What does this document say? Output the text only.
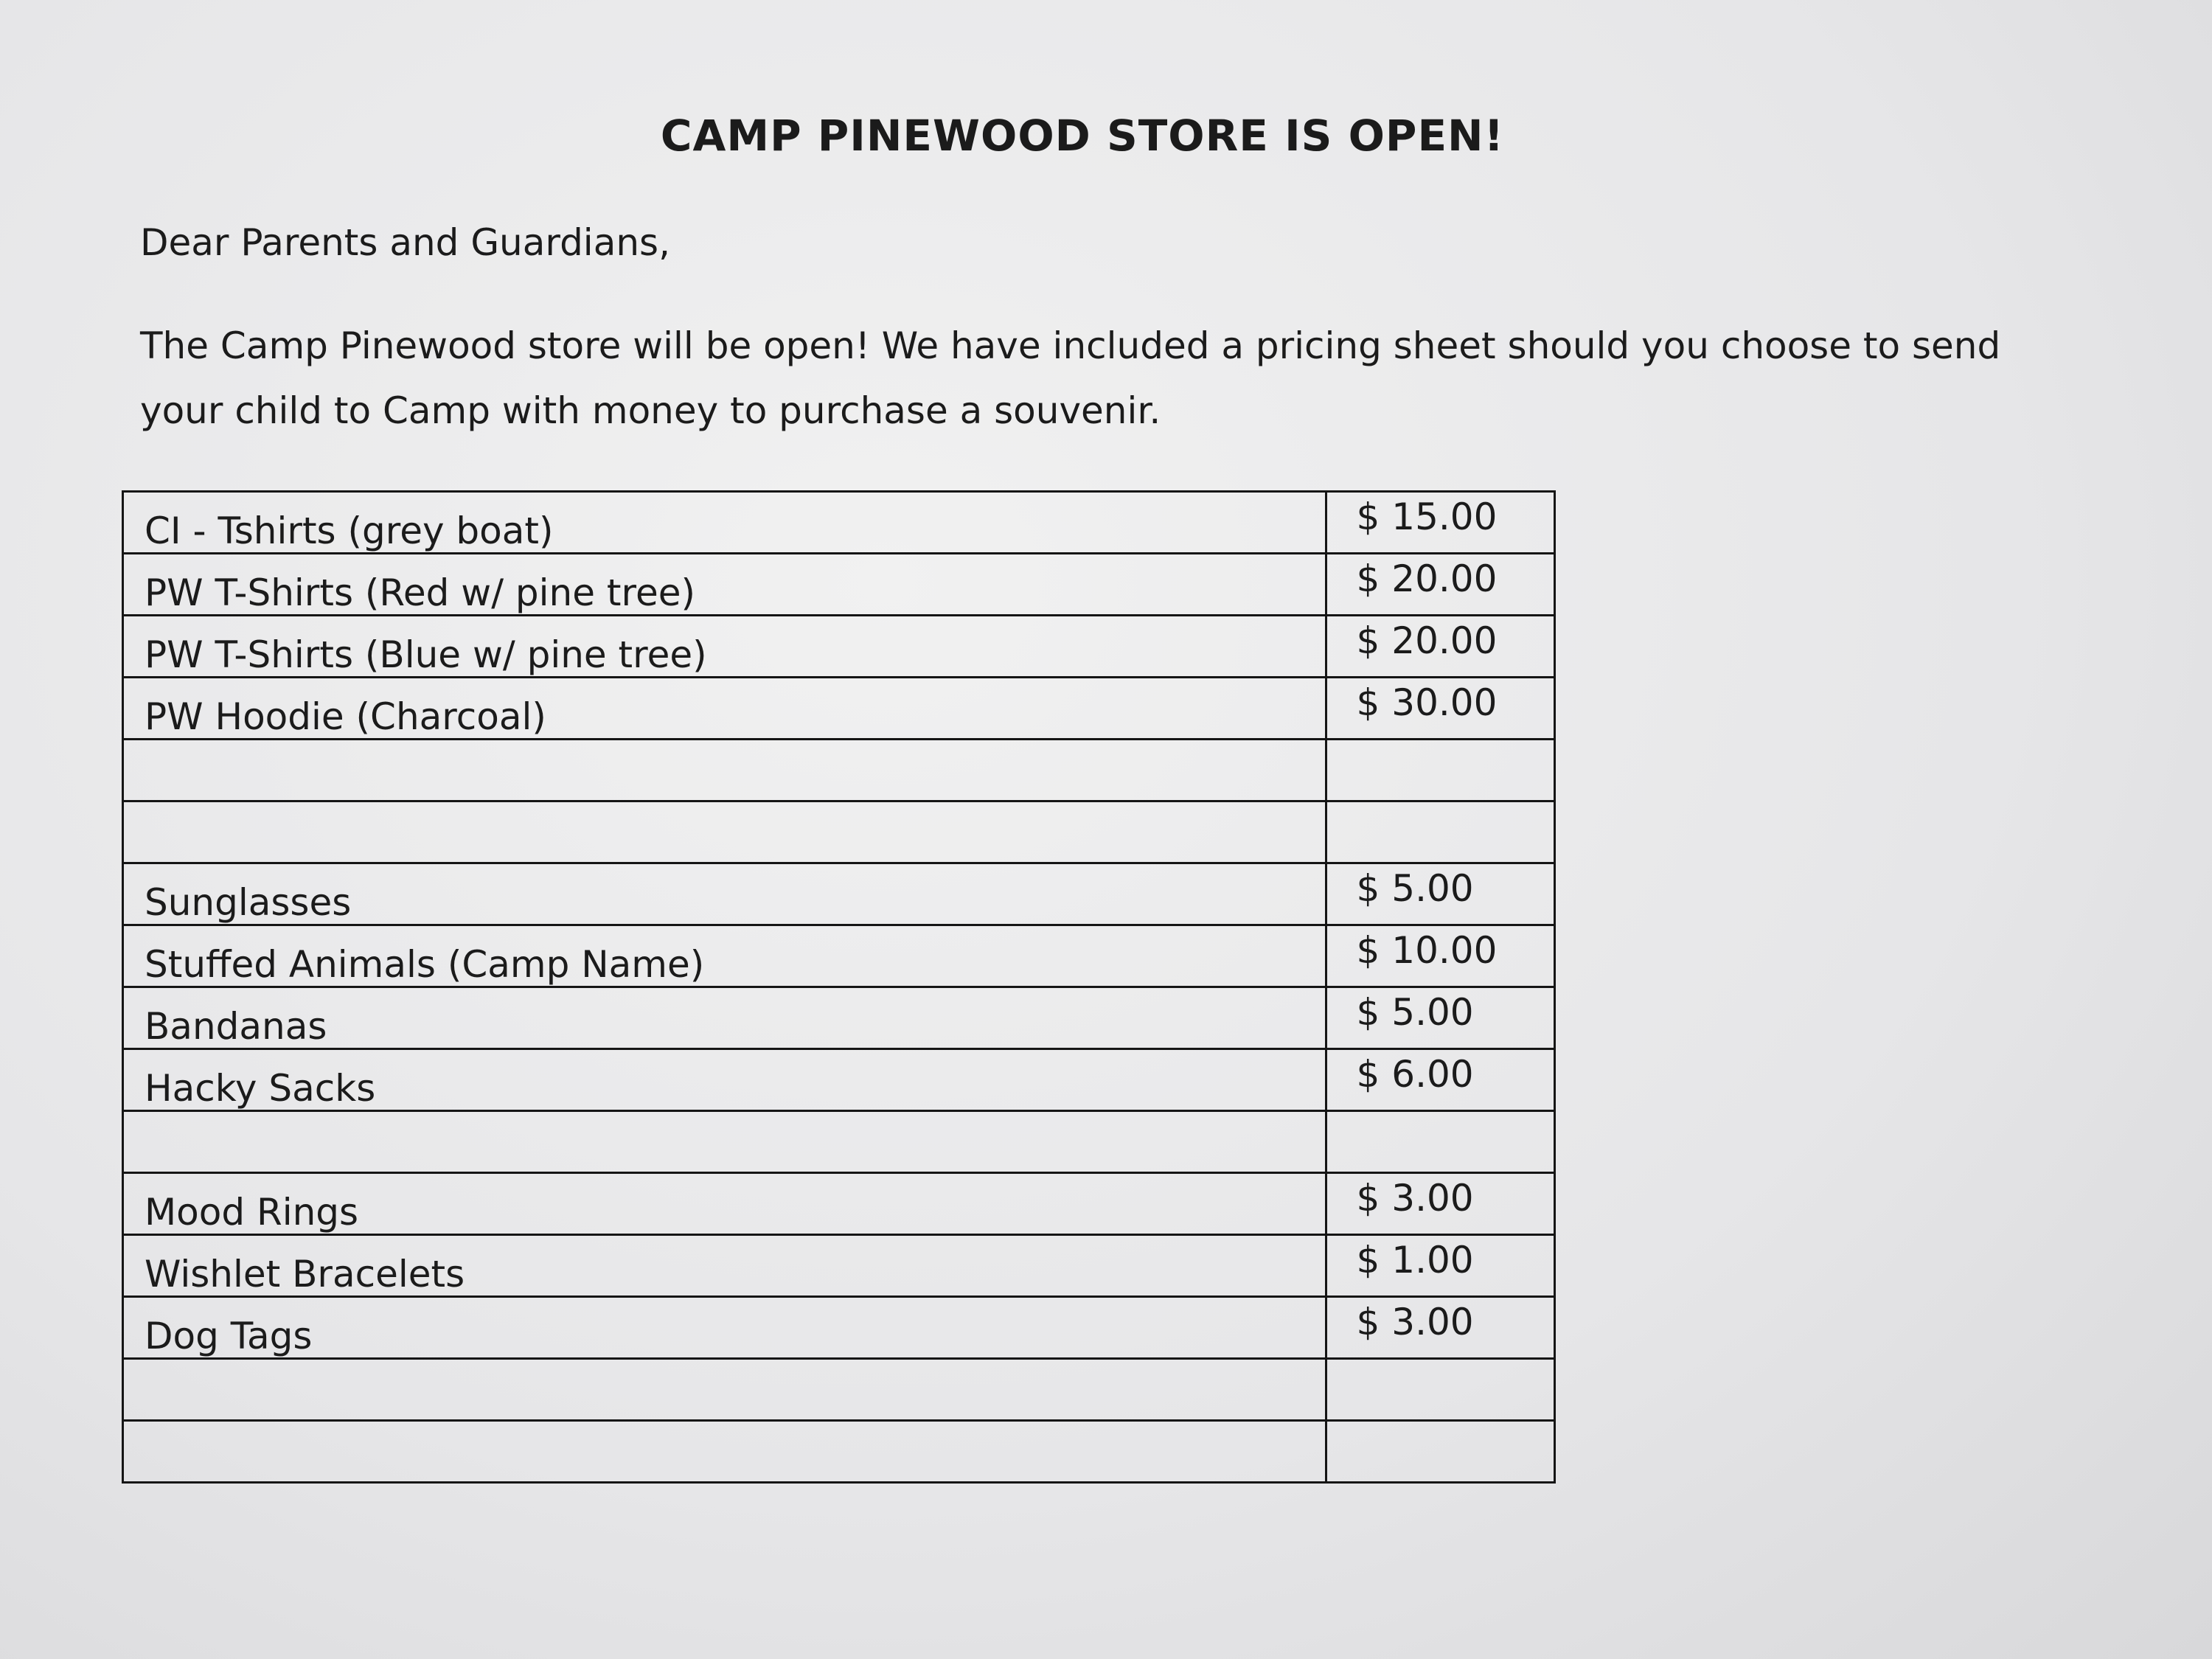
CAMP PINEWOOD STORE IS OPEN!
Dear Parents and Guardians,
The Camp Pinewood store will be open! We have included a pricing sheet should you choose to send your child to Camp with money to purchase a souvenir.
CI - Tshirts (grey boat)	$ 15.00
PW T-Shirts (Red w/ pine tree)	$ 20.00
PW T-Shirts (Blue w/ pine tree)	$ 20.00
PW Hoodie (Charcoal)	$ 30.00

Sunglasses	$ 5.00
Stuffed Animals (Camp Name)	$ 10.00
Bandanas	$ 5.00
Hacky Sacks	$ 6.00

Mood Rings	$ 3.00
Wishlet Bracelets	$ 1.00
Dog Tags	$ 3.00
